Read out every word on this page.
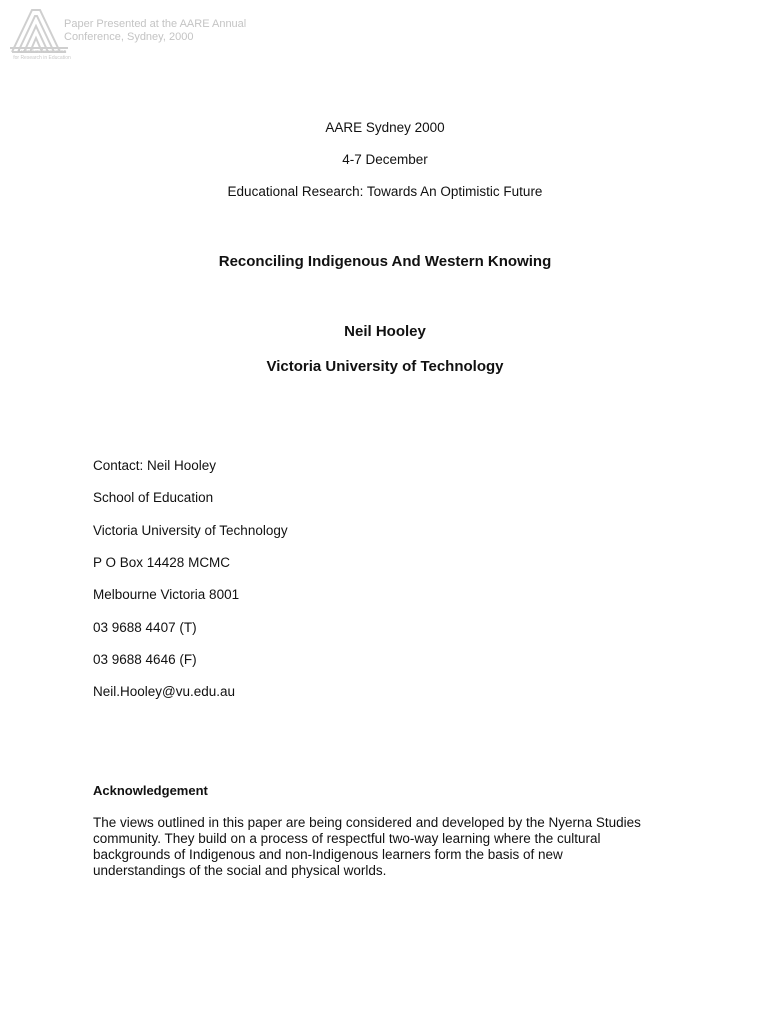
Australian Association
for Research in Education
Paper Presented at the AARE Annual
Conference, Sydney, 2000
AARE Sydney 2000
4-7 December
Educational Research: Towards An Optimistic Future
Reconciling Indigenous And Western Knowing
Neil Hooley
Victoria University of Technology
Contact: Neil Hooley
School of Education
Victoria University of Technology
P O Box 14428 MCMC
Melbourne Victoria 8001
03 9688 4407 (T)
03 9688 4646 (F)
Neil.Hooley@vu.edu.au
Acknowledgement
The views outlined in this paper are being considered and developed by the Nyerna Studies
community. They build on a process of respectful two-way learning where the cultural
backgrounds of Indigenous and non-Indigenous learners form the basis of new
understandings of the social and physical worlds.
